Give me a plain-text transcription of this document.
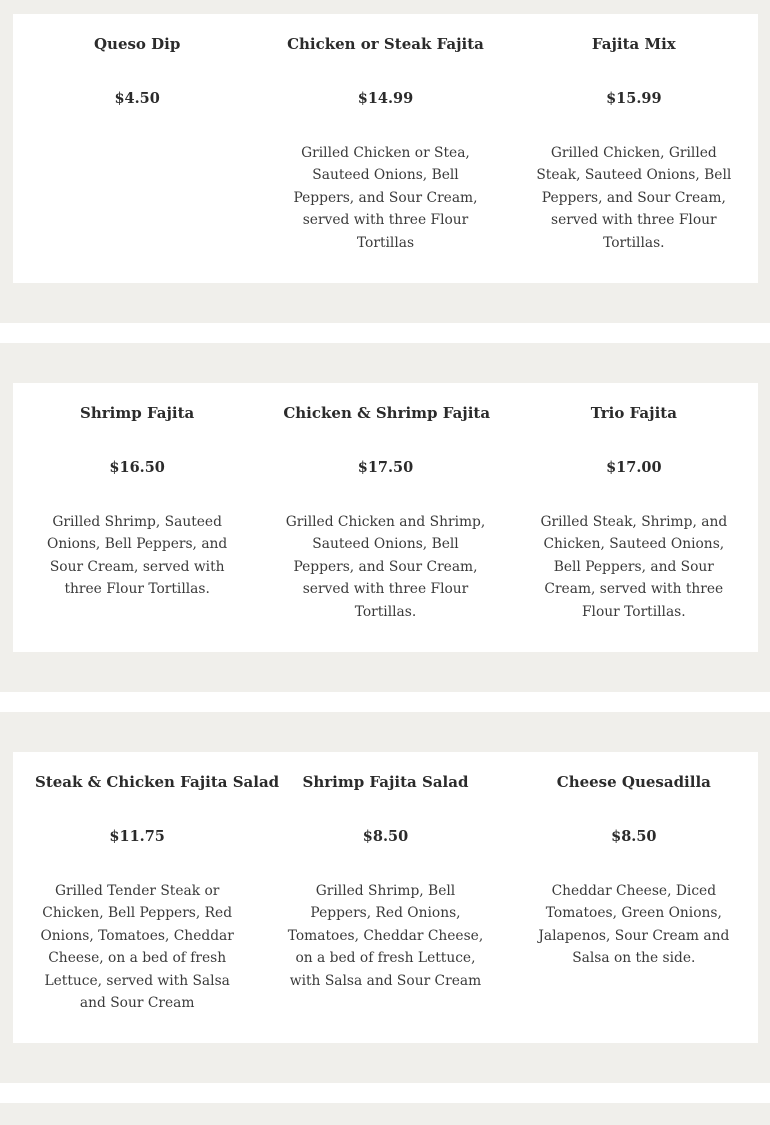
Queso Dip
$4.50
Chicken or Steak Fajita
$14.99
Grilled Chicken or Stea, Sauteed Onions, Bell Peppers, and Sour Cream, served with three Flour Tortillas
Fajita Mix
$15.99
Grilled Chicken, Grilled Steak, Sauteed Onions, Bell Peppers, and Sour Cream, served with three Flour Tortillas.
Shrimp Fajita
$16.50
Grilled Shrimp, Sauteed Onions, Bell Peppers, and Sour Cream, served with three Flour Tortillas.
Chicken & Shrimp Fajita
$17.50
Grilled Chicken and Shrimp, Sauteed Onions, Bell Peppers, and Sour Cream, served with three Flour Tortillas.
Trio Fajita
$17.00
Grilled Steak, Shrimp, and Chicken, Sauteed Onions, Bell Peppers, and Sour Cream, served with three Flour Tortillas.
Steak & Chicken Fajita Salad
$11.75
Grilled Tender Steak or Chicken, Bell Peppers, Red Onions, Tomatoes, Cheddar Cheese, on a bed of fresh Lettuce, served with Salsa and Sour Cream
Shrimp Fajita Salad
$8.50
Grilled Shrimp, Bell Peppers, Red Onions, Tomatoes, Cheddar Cheese, on a bed of fresh Lettuce, with Salsa and Sour Cream
Cheese Quesadilla
$8.50
Cheddar Cheese, Diced Tomatoes, Green Onions, Jalapenos, Sour Cream and Salsa on the side.
